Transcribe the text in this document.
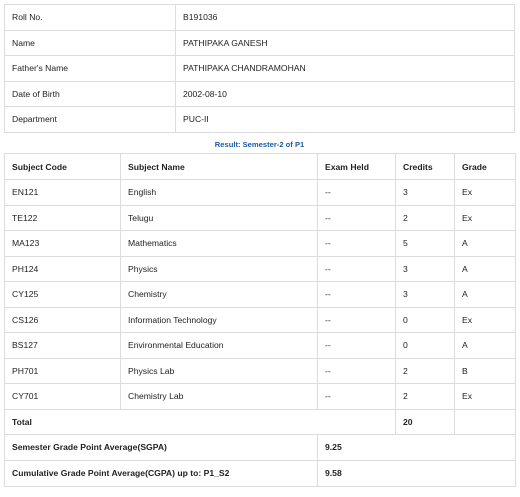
Roll No.	B191036
Name	PATHIPAKA GANESH
Father's Name	PATHIPAKA CHANDRAMOHAN
Date of Birth	2002-08-10
Department	PUC-II
Result: Semester-2 of P1
Subject Code	Subject Name	Exam Held	Credits	Grade
EN121	English	--	3	Ex
TE122	Telugu	--	2	Ex
MA123	Mathematics	--	5	A
PH124	Physics	--	3	A
CY125	Chemistry	--	3	A
CS126	Information Technology	--	0	Ex
BS127	Environmental Education	--	0	A
PH701	Physics Lab	--	2	B
CY701	Chemistry Lab	--	2	Ex
Total			20	
Semester Grade Point Average(SGPA)		9.25		
Cumulative Grade Point Average(CGPA) up to: P1_S2		9.58		
